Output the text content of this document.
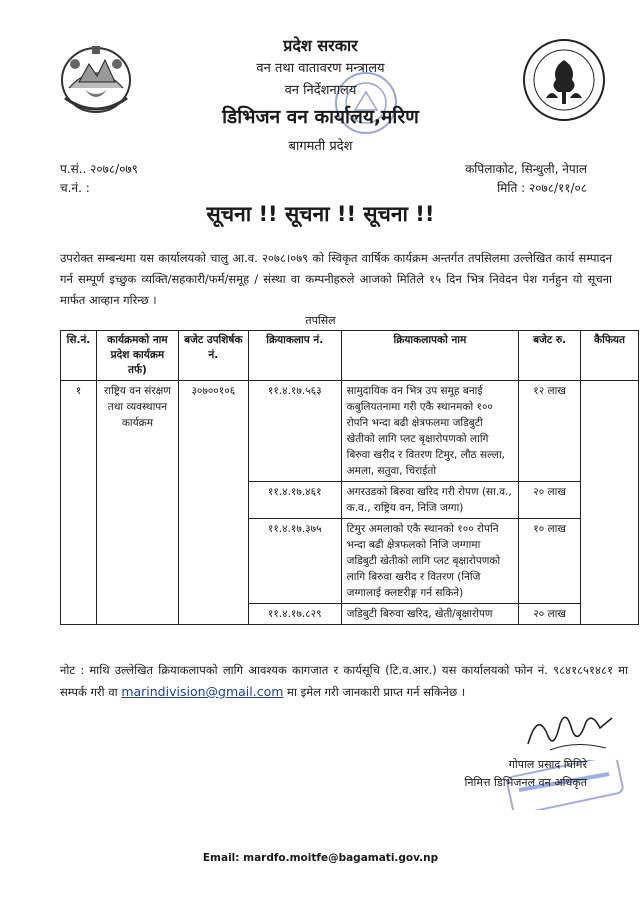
प्रदेश सरकार
वन तथा वातावरण मन्त्रालय
वन निर्देशनालय
डिभिजन वन कार्यालय,मरिण
बागमती प्रदेश
प.सं.. २०७८/०७९
च.नं. :
कपिलाकोट, सिन्धुली, नेपाल
मिति : २०७८/११/०८
सूचना !! सूचना !! सूचना !!
उपरोक्त सम्बन्धमा यस कार्यालयको चालु आ.व. २०७८।०७९ को स्विकृत वार्षिक कार्यक्रम अन्तर्गत तपसिलमा उल्लेखित कार्य सम्पादन गर्न सम्पूर्ण इच्छुक व्यक्ति/सहकारी/फर्म/समूह / संस्था वा कम्पनीहरुले आजको मितिले १५ दिन भित्र निवेदन पेश गर्नहुन यो सूचना मार्फत आव्हान गरिन्छ ।
तपसिल
सि.नं.	कार्यक्रमको नाम प्रदेश कार्यक्रम तर्फ)	बजेट उपशिर्षक नं.	क्रियाकलाप नं.	क्रियाकलापको नाम	बजेट रु.	कैफियत
१	राष्ट्रिय वन संरक्षण तथा व्यवस्थापन कार्यक्रम	३०७००१०६	११.४.१७.५६३	सामुदायिक वन भित्र उप समूह बनाई कबुलियतनामा गरी एकै स्थानमको १०० रोपनि भन्दा बढी क्षेत्रफलमा जडिबुटी खेतीको लागि प्लट बृक्षारोपणको लागि बिरुवा खरीद र वितरण टिमुर, लौठ सल्ला, अमला, सतुवा, चिराईतो	१२ लाख	
			११.४.१७.४६१	अगरउडको बिरुवा खरिद गरी रोपण (सा.व., क.व., राष्ट्रिय वन, निजि जग्गा)	२० लाख	
			११.४.१७.३७५	टिमुर अमलाको एकै स्थानको १०० रोपनि भन्दा बढी क्षेत्रफलको निजि जग्गामा जडिबुटी खेतीको लागि प्लट बृक्षारोपणको लागि बिरुवा खरीद र वितरण (निजि जग्गालाई क्लष्टरीङ्ग गर्न सकिने)	१० लाख	
			११.४.१७.८२९	जडिबुटी बिरुवा खरिद, खेती/बृक्षारोपण	२० लाख	
नोट : माथि उल्लेखित क्रियाकलापको लागि आवश्यक कागजात र कार्यसूचि (टि.व.आर.) यस कार्यालयको फोन नं. ९८४१८५१४८१ मा सम्पर्क गरी वा marindivision@gmail.com मा इमेल गरी जानकारी प्राप्त गर्न सकिनेछ ।
गोपाल प्रसाद घिमिरे
निमित्त डिभिजनल वन अधिकृत
Email: mardfo.moitfe@bagamati.gov.np
